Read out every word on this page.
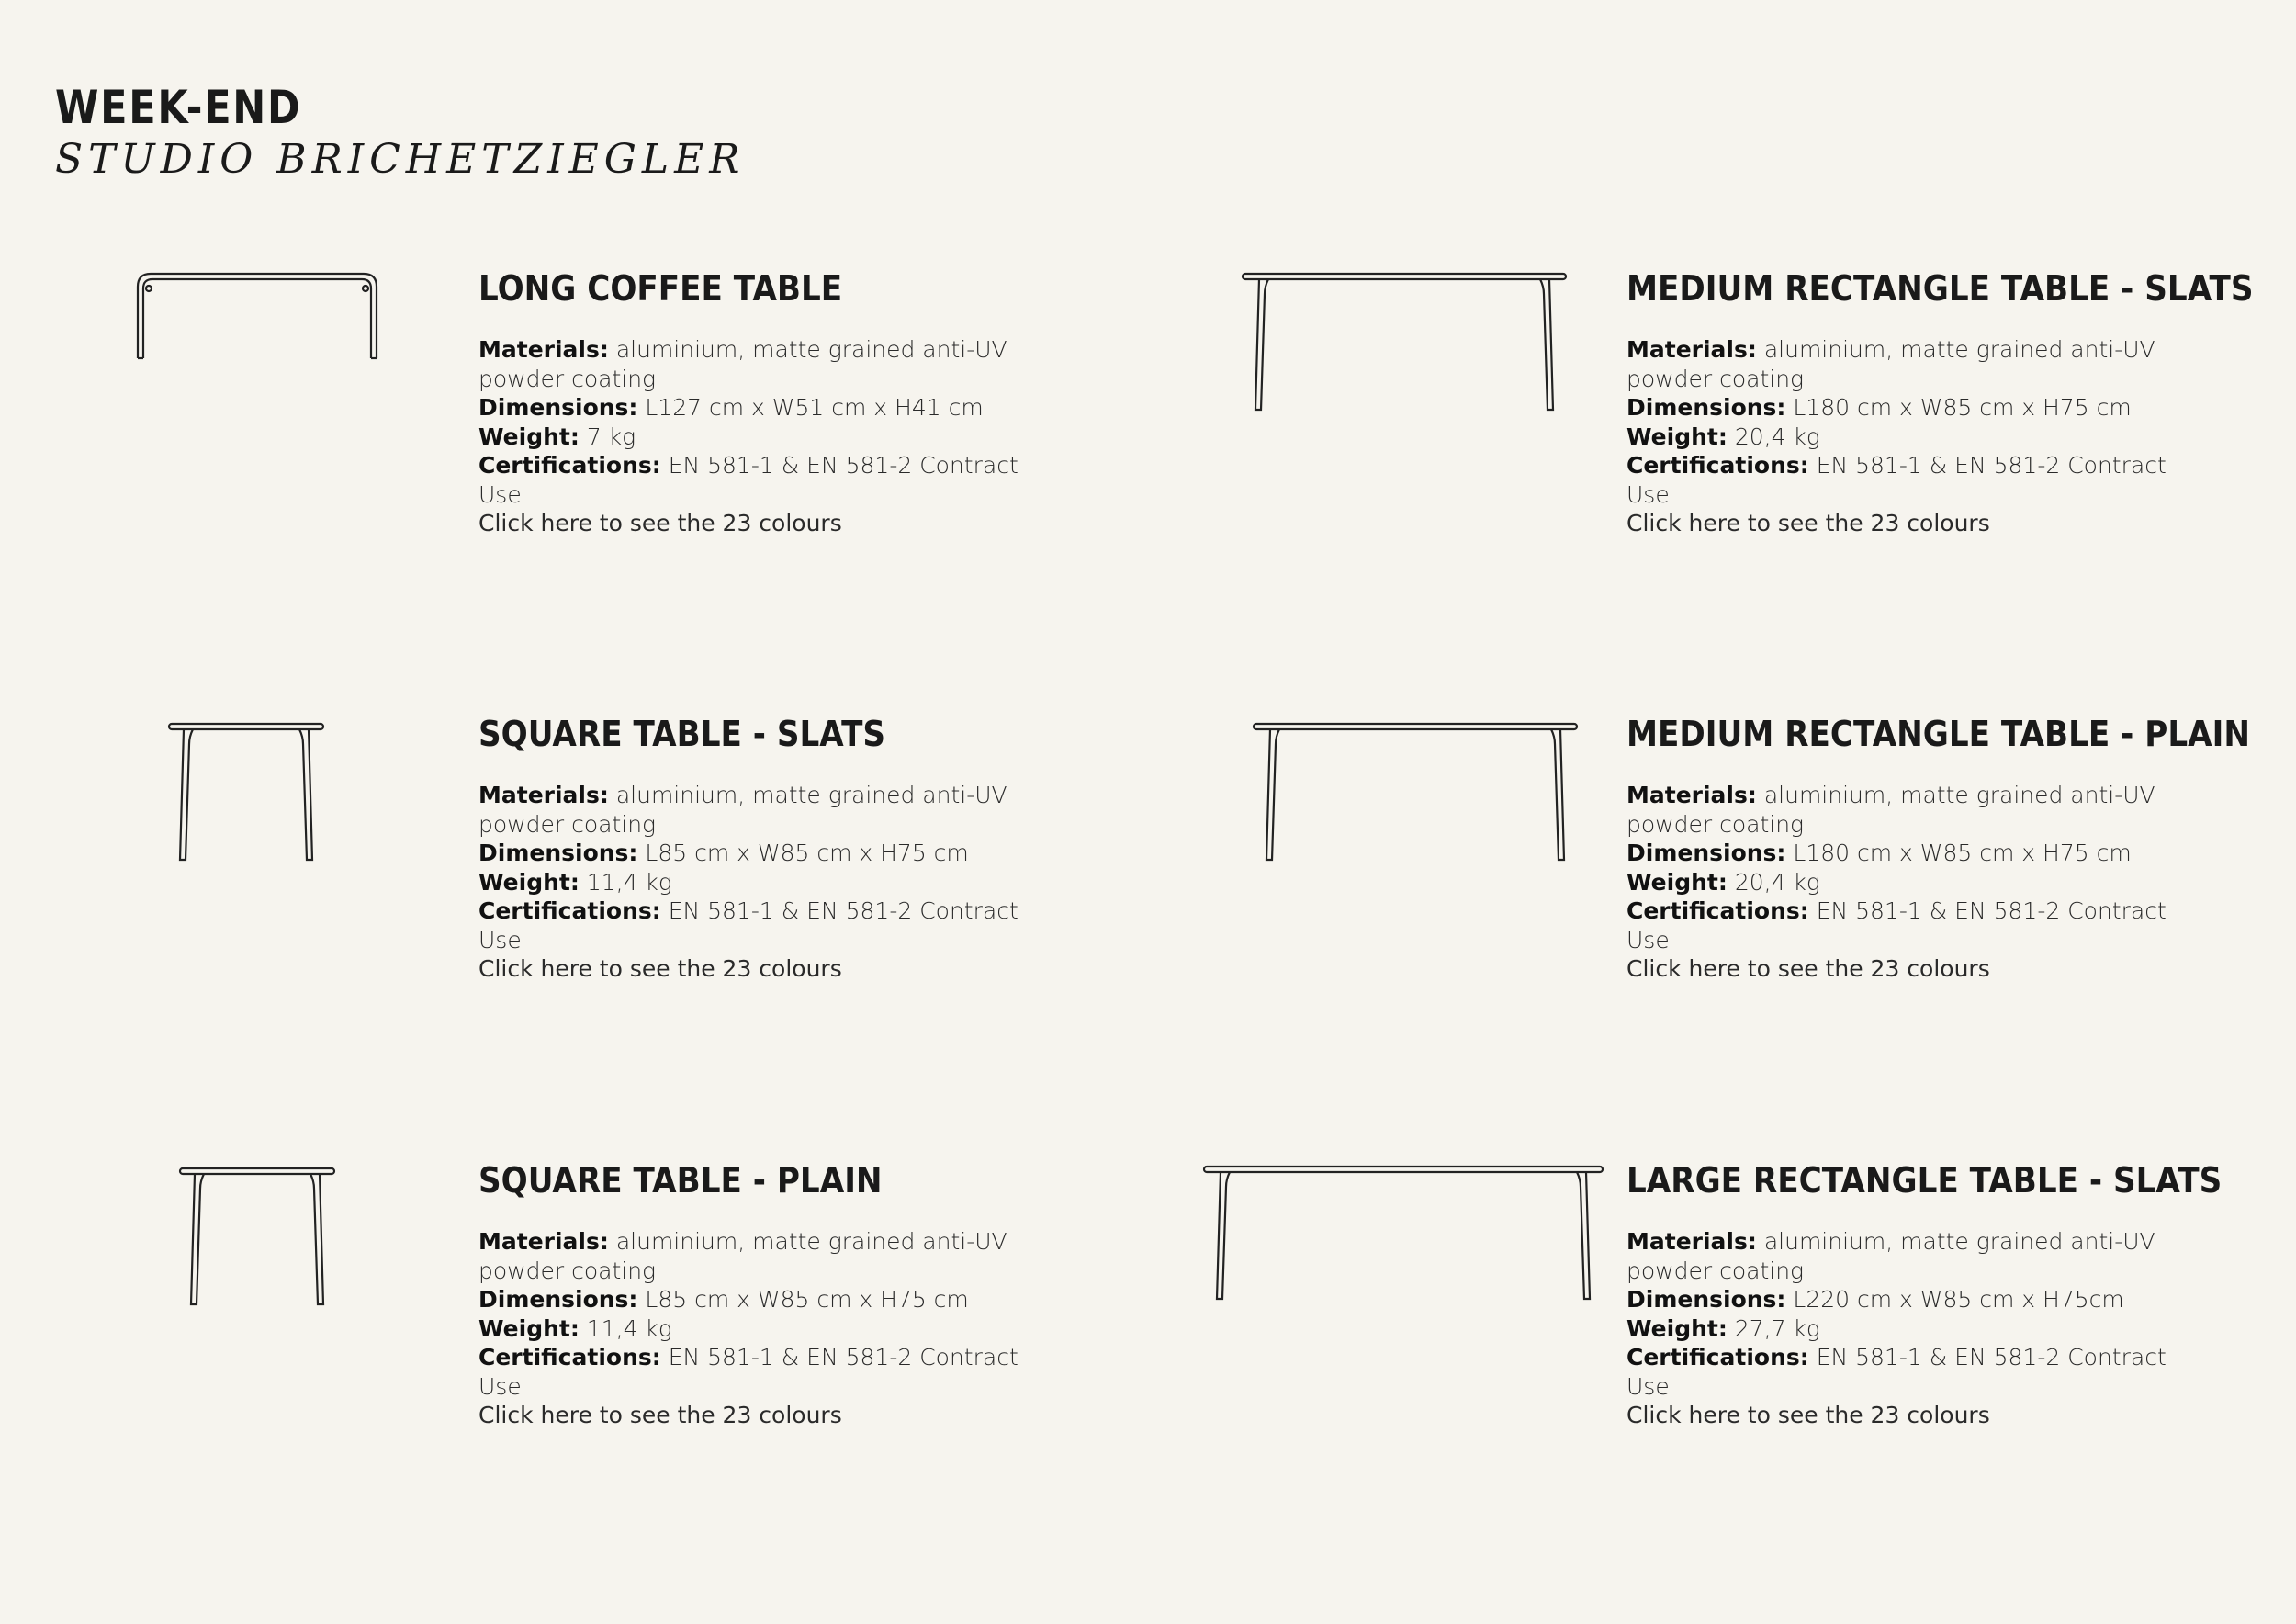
WEEK-END
STUDIO BRICHETZIEGLER
LONG COFFEE TABLE

Materials: aluminium, matte grained anti-UV powder coating

Dimensions: L127 cm x W51 cm x H41 cm

Weight: 7 kg

Certifications: EN 581-1 & EN 581-2 Contract Use

Click here to see the 23 colours

MEDIUM RECTANGLE TABLE - SLATS

Materials: aluminium, matte grained anti-UV powder coating

Dimensions: L180 cm x W85 cm x H75 cm

Weight: 20,4 kg

Certifications: EN 581-1 & EN 581-2 Contract Use

Click here to see the 23 colours

SQUARE TABLE - SLATS

Materials: aluminium, matte grained anti-UV powder coating

Dimensions: L85 cm x W85 cm x H75 cm

Weight: 11,4 kg

Certifications: EN 581-1 & EN 581-2 Contract Use

Click here to see the 23 colours

MEDIUM RECTANGLE TABLE - PLAIN

Materials: aluminium, matte grained anti-UV powder coating

Dimensions: L180 cm x W85 cm x H75 cm

Weight: 20,4 kg

Certifications: EN 581-1 & EN 581-2 Contract Use

Click here to see the 23 colours

SQUARE TABLE - PLAIN

Materials: aluminium, matte grained anti-UV powder coating

Dimensions: L85 cm x W85 cm x H75 cm

Weight: 11,4 kg

Certifications: EN 581-1 & EN 581-2 Contract Use

Click here to see the 23 colours

LARGE RECTANGLE TABLE - SLATS

Materials: aluminium, matte grained anti-UV powder coating

Dimensions: L220 cm x W85 cm x H75cm

Weight: 27,7 kg

Certifications: EN 581-1 & EN 581-2 Contract Use

Click here to see the 23 colours
